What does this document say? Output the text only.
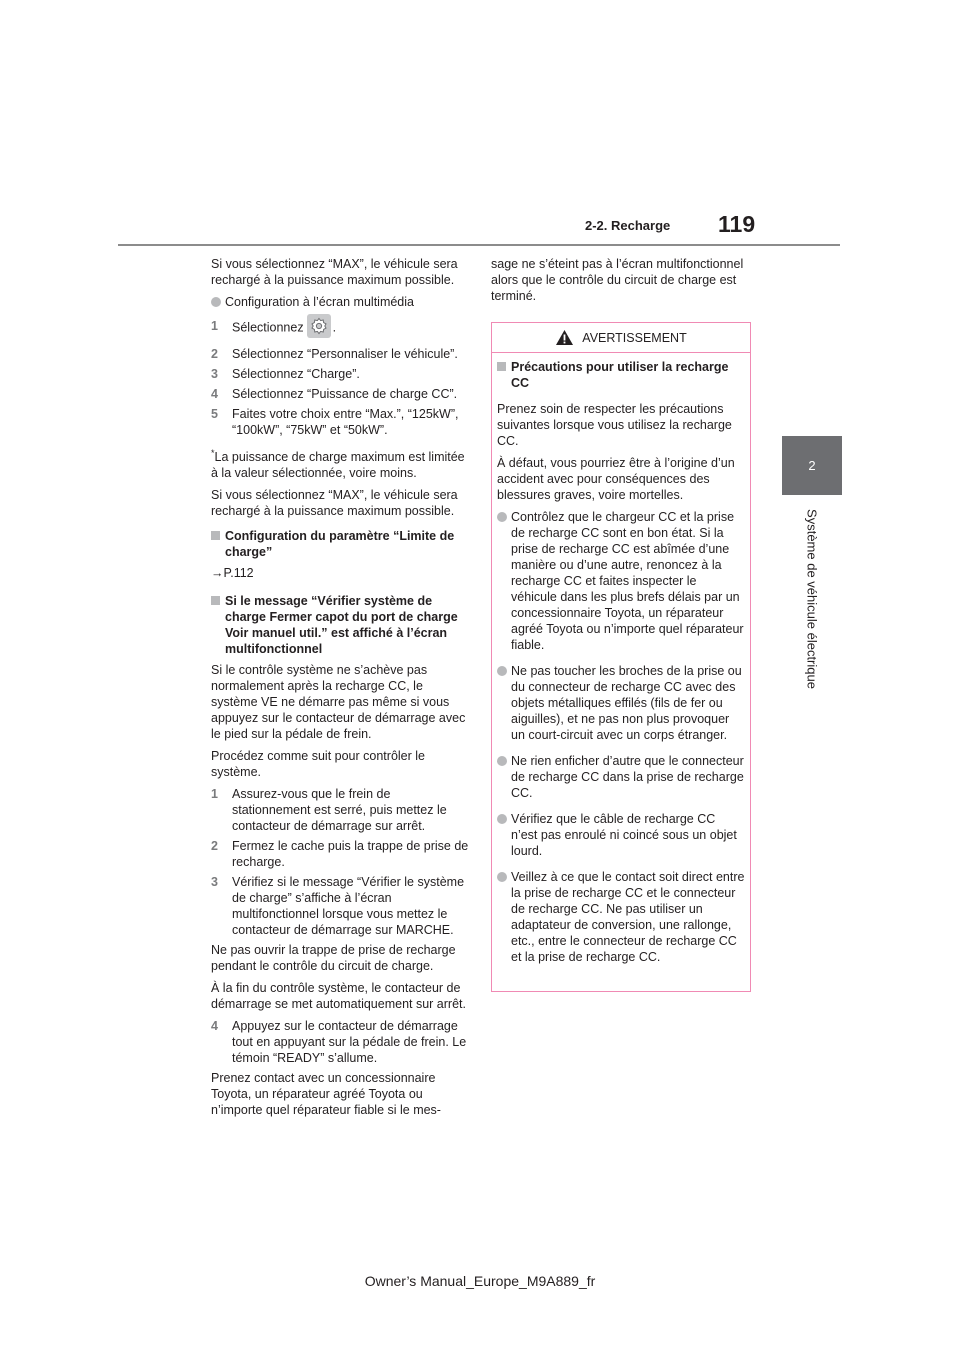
2-2. Recharge 119
2
Système de véhicule électrique

Si vous sélectionnez “MAX”, le véhicule sera rechargé à la puissance maximum possible.

Configuration à l’écran multimédia
1	Sélectionnez .
2	Sélectionnez “Personnaliser le véhicule”.
3	Sélectionnez “Charge”.
4	Sélectionnez “Puissance de charge CC”.
5	Faites votre choix entre “Max.”, “125kW”, “100kW”, “75kW” et “50kW”.

*La puissance de charge maximum est limitée à la valeur sélectionnée, voire moins.

Si vous sélectionnez “MAX”, le véhicule sera rechargé à la puissance maximum possible.

Configuration du paramètre “Limite de charge”

→P.112

Si le message “Vérifier système de charge Fermer capot du port de charge Voir manuel util.” est affiché à l’écran multifonctionnel

Si le contrôle système ne s’achève pas normalement après la recharge CC, le système VE ne démarre pas même si vous appuyez sur le contacteur de démarrage avec le pied sur la pédale de frein.

Procédez comme suit pour contrôler le système.

1	Assurez-vous que le frein de stationnement est serré, puis mettez le contacteur de démarrage sur arrêt.
2	Fermez le cache puis la trappe de prise de recharge.
3	Vérifiez si le message “Vérifier le système de charge” s’affiche à l’écran multifonctionnel lorsque vous mettez le contacteur de démarrage sur MARCHE.

Ne pas ouvrir la trappe de prise de recharge pendant le contrôle du circuit de charge.

À la fin du contrôle système, le contacteur de démarrage se met automatiquement sur arrêt.

4	Appuyez sur le contacteur de démarrage tout en appuyant sur la pédale de frein. Le témoin “READY” s’allume.

Prenez contact avec un concessionnaire Toyota, un réparateur agréé Toyota ou n’importe quel réparateur fiable si le mes-

sage ne s’éteint pas à l’écran multifonctionnel alors que le contrôle du circuit de charge est terminé.

AVERTISSEMENT
Précautions pour utiliser la recharge CC

Prenez soin de respecter les précautions suivantes lorsque vous utilisez la recharge CC.

À défaut, vous pourriez être à l’origine d’un accident avec pour conséquences des blessures graves, voire mortelles.

Contrôlez que le chargeur CC et la prise de recharge CC sont en bon état. Si la prise de recharge CC est abîmée d’une manière ou d’une autre, renoncez à la recharge CC et faites inspecter le véhicule dans les plus brefs délais par un concessionnaire Toyota, un réparateur agréé Toyota ou n’importe quel réparateur fiable.
Ne pas toucher les broches de la prise ou du connecteur de recharge CC avec des objets métalliques effilés (fils de fer ou aiguilles), et ne pas non plus provoquer un court-circuit avec un corps étranger.
Ne rien enficher d’autre que le connecteur de recharge CC dans la prise de recharge CC.
Vérifiez que le câble de recharge CC n’est pas enroulé ni coincé sous un objet lourd.
Veillez à ce que le contact soit direct entre la prise de recharge CC et le connecteur de recharge CC. Ne pas utiliser un adaptateur de conversion, une rallonge, etc., entre le connecteur de recharge CC et la prise de recharge CC.
Owner’s Manual_Europe_M9A889_fr
